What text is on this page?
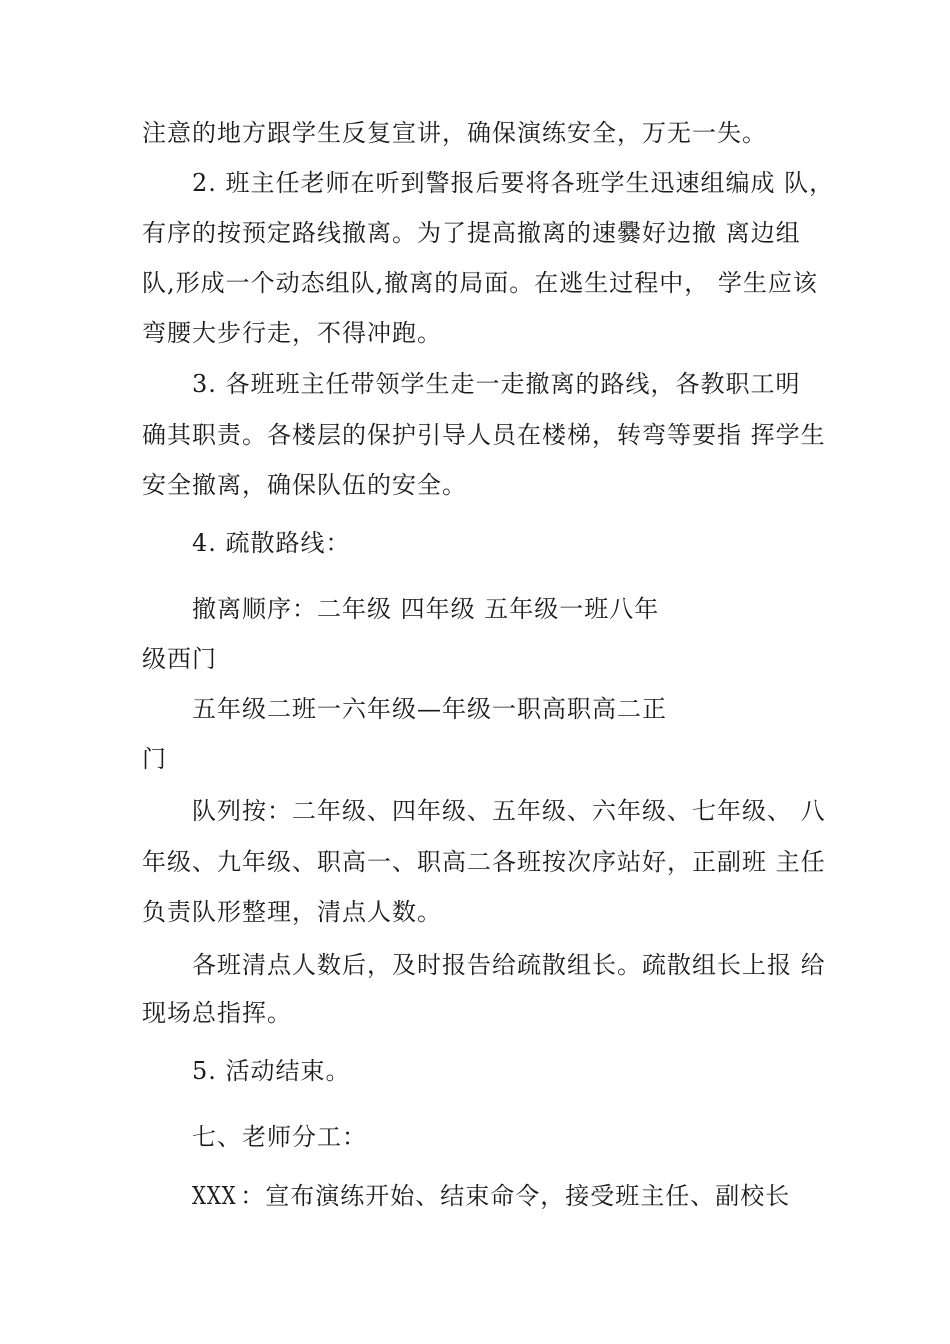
注意的地方跟学生反复宣讲，确保演练安全，万无一失。
2. 班主任老师在听到警报后要将各班学生迅速组编成 队，
有序的按预定路线撤离。为了提高撤离的速爨好边撤 离边组
队,形成一个动态组队,撤离的局面。在逃生过程中， 学生应该
弯腰大步行走，不得冲跑。
3. 各班班主任带领学生走一走撤离的路线，各教职工明
确其职责。各楼层的保护引导人员在楼梯，转弯等要指 挥学生
安全撤离，确保队伍的安全。
4. 疏散路线：
撤离顺序：二年级 四年级 五年级一班八年
级西门
五年级二班一六年级—年级一职高职高二正
门
队列按：二年级、四年级、五年级、六年级、七年级、 八
年级、九年级、职高一、职高二各班按次序站好，正副班 主任
负责队形整理，清点人数。
各班清点人数后，及时报告给疏散组长。疏散组长上报 给
现场总指挥。
5. 活动结束。
七、老师分工：
XXX ：宣布演练开始、结束命令，接受班主任、副校长
